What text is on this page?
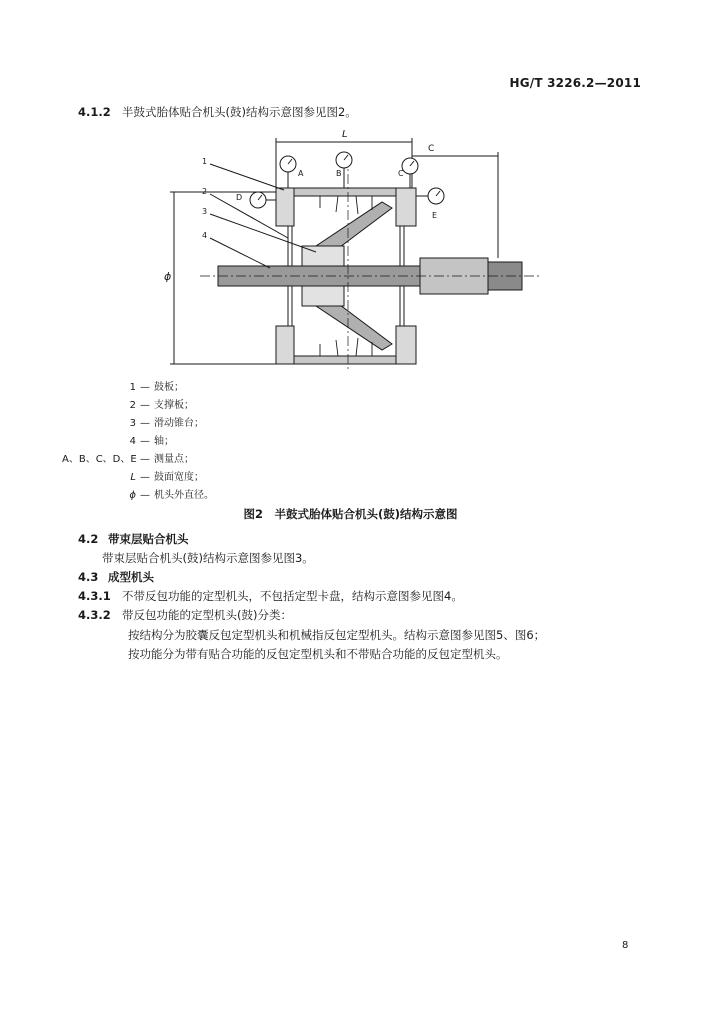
HG/T 3226.2—2011
4.1.2 半鼓式胎体贴合机头(鼓)结构示意图参见图2。
L
C
ϕ
A	B	C
D
E
1
2
3
4
1 — 鼓板；
2 — 支撑板；
3 — 滑动锥台；
4 — 轴；
A、B、C、D、E — 测量点；
L — 鼓面宽度；
ϕ — 机头外直径。
图2　半鼓式胎体贴合机头(鼓)结构示意图
4.2 带束层贴合机头
带束层贴合机头(鼓)结构示意图参见图3。
4.3 成型机头
4.3.1 不带反包功能的定型机头，不包括定型卡盘，结构示意图参见图4。
4.3.2 带反包功能的定型机头(鼓)分类：
按结构分为胶囊反包定型机头和机械指反包定型机头。结构示意图参见图5、图6；
按功能分为带有贴合功能的反包定型机头和不带贴合功能的反包定型机头。
8
